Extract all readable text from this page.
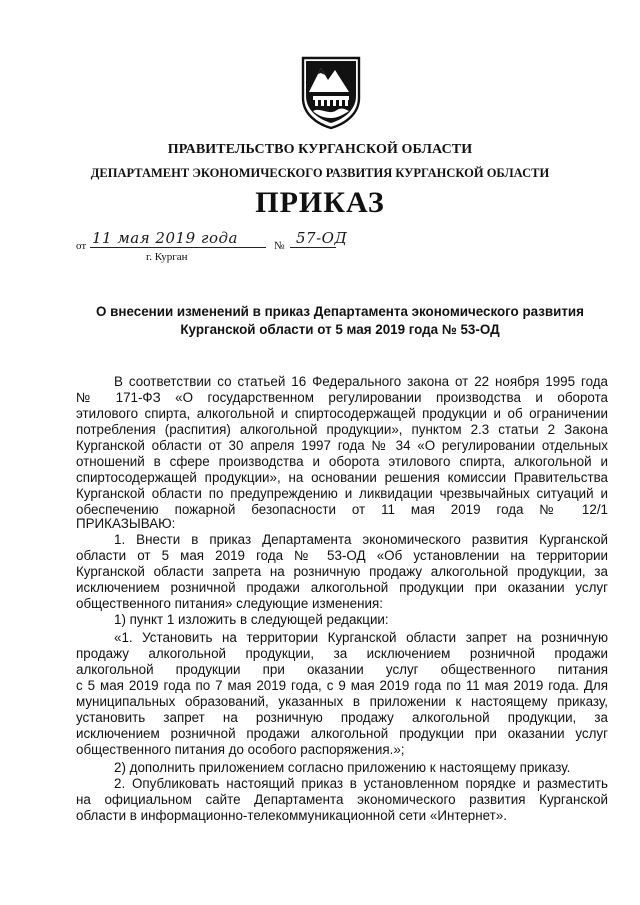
ПРАВИТЕЛЬСТВО КУРГАНСКОЙ ОБЛАСТИ
ДЕПАРТАМЕНТ ЭКОНОМИЧЕСКОГО РАЗВИТИЯ КУРГАНСКОЙ ОБЛАСТИ
ПРИКАЗ
от 11 мая 2019 года	№ 57-ОД
г. Курган
О внесении изменений в приказ Департамента экономического развития
Курганской области от 5 мая 2019 года № 53-ОД
В соответствии со статьей 16 Федерального закона от 22 ноября 1995 года
№ 171-ФЗ «О государственном регулировании производства и оборота
этилового спирта, алкогольной и спиртосодержащей продукции и об ограничении
потребления (распития) алкогольной продукции», пунктом 2.3 статьи 2 Закона
Курганской области от 30 апреля 1997 года № 34 «О регулировании отдельных
отношений в сфере производства и оборота этилового спирта, алкогольной и
спиртосодержащей продукции», на основании решения комиссии Правительства
Курганской области по предупреждению и ликвидации чрезвычайных ситуаций и
обеспечению пожарной безопасности от 11 мая 2019 года № 12/1
ПРИКАЗЫВАЮ:
1. Внести в приказ Департамента экономического развития Курганской
области от 5 мая 2019 года № 53-ОД «Об установлении на территории
Курганской области запрета на розничную продажу алкогольной продукции, за
исключением розничной продажи алкогольной продукции при оказании услуг
общественного питания» следующие изменения:
1) пункт 1 изложить в следующей редакции:
«1. Установить на территории Курганской области запрет на розничную
продажу алкогольной продукции, за исключением розничной продажи
алкогольной продукции при оказании услуг общественного питания
с 5 мая 2019 года по 7 мая 2019 года, с 9 мая 2019 года по 11 мая 2019 года. Для
муниципальных образований, указанных в приложении к настоящему приказу,
установить запрет на розничную продажу алкогольной продукции, за
исключением розничной продажи алкогольной продукции при оказании услуг
общественного питания до особого распоряжения.»;
2) дополнить приложением согласно приложению к настоящему приказу.
2. Опубликовать настоящий приказ в установленном порядке и разместить
на официальном сайте Департамента экономического развития Курганской
области в информационно-телекоммуникационной сети «Интернет».
